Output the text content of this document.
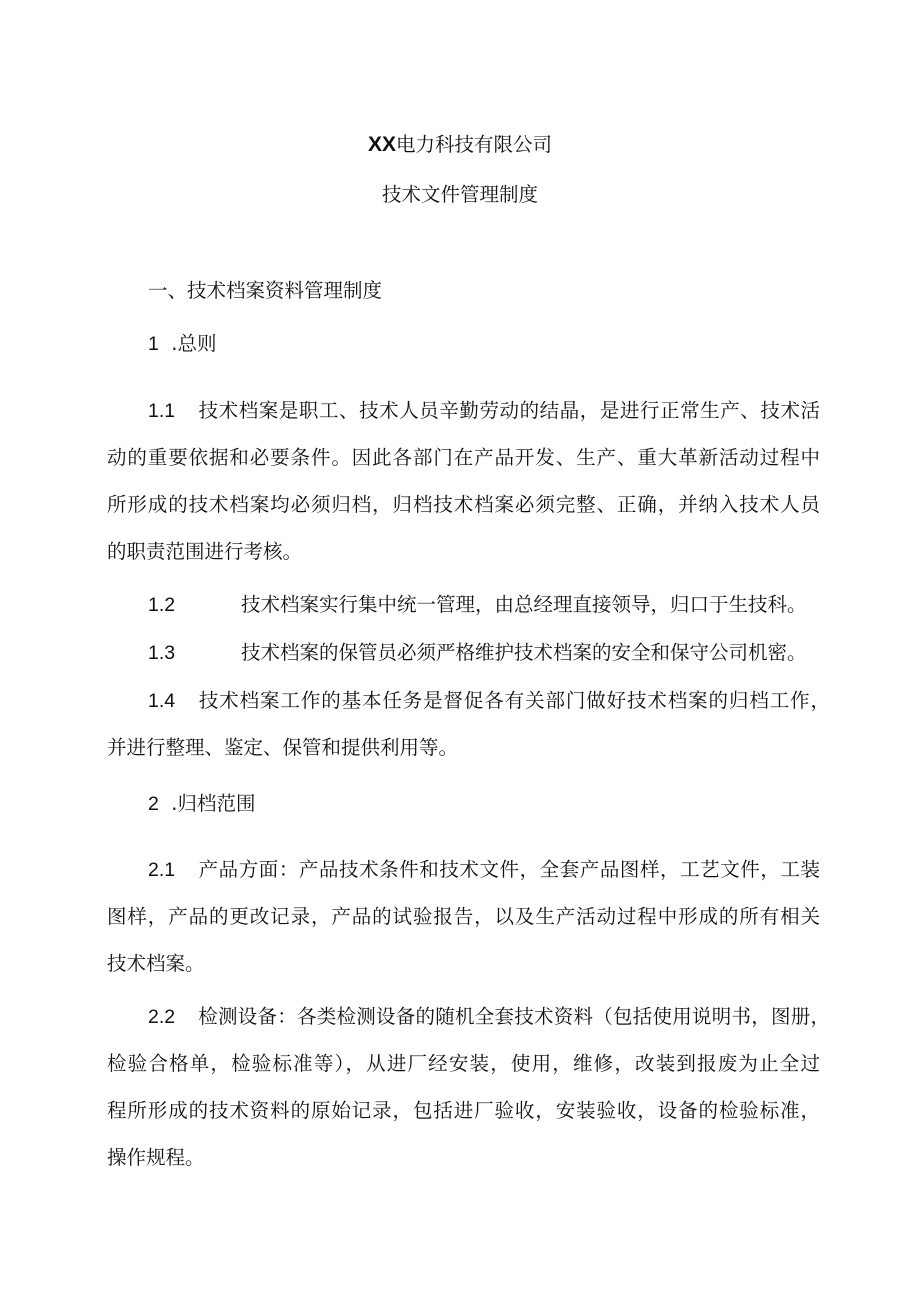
XX电力科技有限公司
技术文件管理制度
一、技术档案资料管理制度
1 .总则
1.1 技术档案是职工、技术人员辛勤劳动的结晶，是进行正常生产、技术活
动的重要依据和必要条件。因此各部门在产品开发、生产、重大革新活动过程中
所形成的技术档案均必须归档，归档技术档案必须完整、正确，并纳入技术人员
的职责范围进行考核。
1.2	技术档案实行集中统一管理，由总经理直接领导，归口于生技科。
1.3	技术档案的保管员必须严格维护技术档案的安全和保守公司机密。
1.4 技术档案工作的基本任务是督促各有关部门做好技术档案的归档工作，
并进行整理、鉴定、保管和提供利用等。
2 .归档范围
2.1 产品方面：产品技术条件和技术文件，全套产品图样，工艺文件，工装
图样，产品的更改记录，产品的试验报告，以及生产活动过程中形成的所有相关
技术档案。
2.2 检测设备：各类检测设备的随机全套技术资料（包括使用说明书，图册，
检验合格单，检验标准等），从进厂经安装，使用，维修，改装到报废为止全过
程所形成的技术资料的原始记录，包括进厂验收，安装验收，设备的检验标准，
操作规程。
